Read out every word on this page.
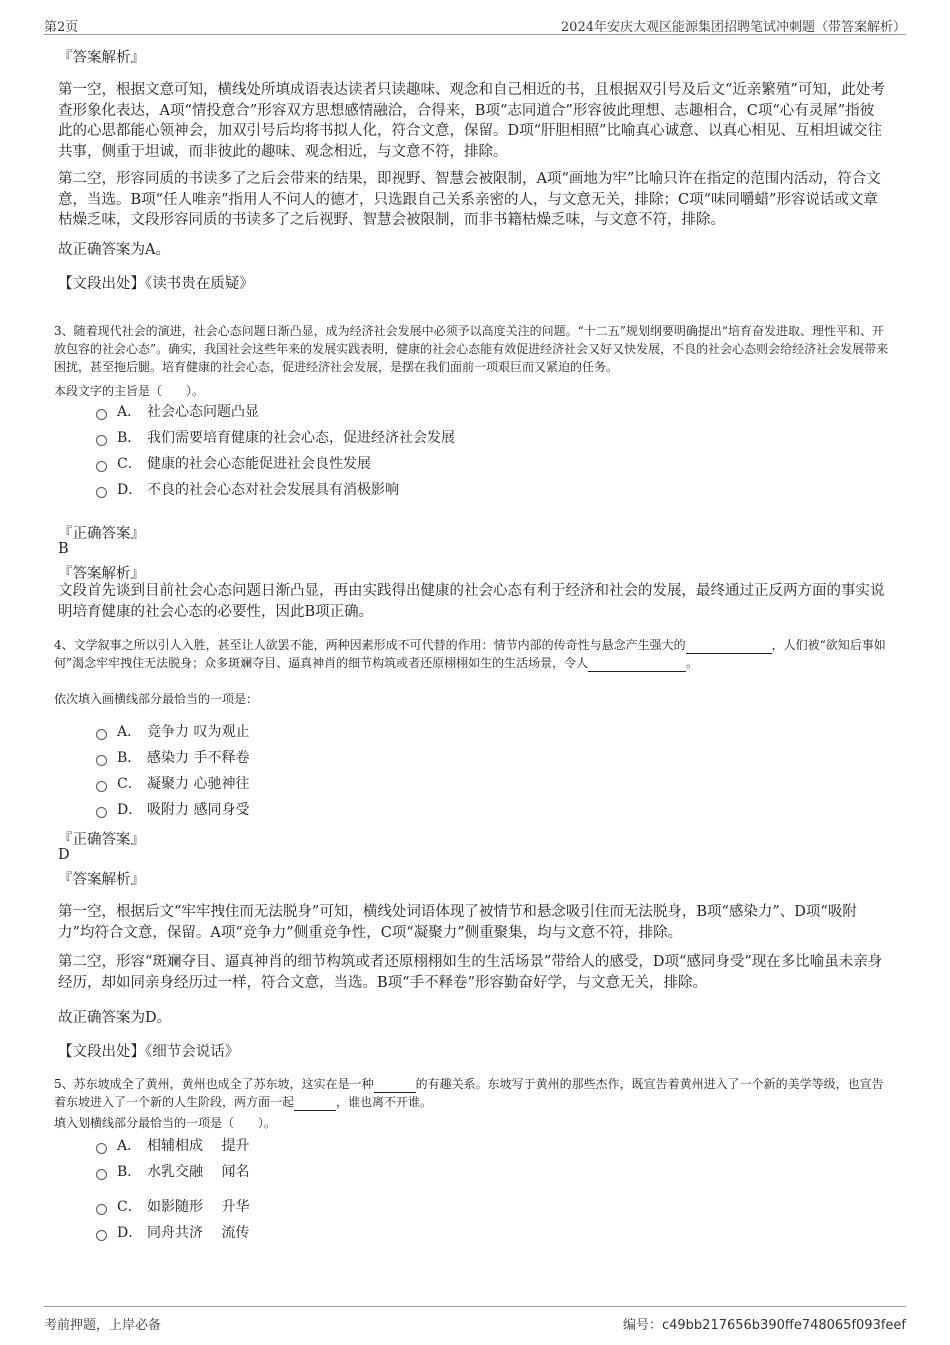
第2页	2024年安庆大观区能源集团招聘笔试冲刺题（带答案解析）
『答案解析』
第一空，根据文意可知，横线处所填成语表达读者只读趣味、观念和自己相近的书，且根据双引号及后文“近亲繁殖”可知，此处考查形象化表达，A项“情投意合”形容双方思想感情融洽，合得来，B项“志同道合”形容彼此理想、志趣相合，C项“心有灵犀”指彼此的心思都能心领神会，加双引号后均将书拟人化，符合文意，保留。D项“肝胆相照”比喻真心诚意、以真心相见、互相坦诚交往共事，侧重于坦诚，而非彼此的趣味、观念相近，与文意不符，排除。
第二空，形容同质的书读多了之后会带来的结果，即视野、智慧会被限制，A项“画地为牢”比喻只许在指定的范围内活动，符合文意，当选。B项“任人唯亲”指用人不问人的德才，只选跟自己关系亲密的人，与文意无关，排除；C项“味同嚼蜡”形容说话或文章枯燥乏味，文段形容同质的书读多了之后视野、智慧会被限制，而非书籍枯燥乏味，与文意不符，排除。
故正确答案为A。
【文段出处】《读书贵在质疑》
3、随着现代社会的演进，社会心态问题日渐凸显，成为经济社会发展中必须予以高度关注的问题。“十二五”规划纲要明确提出“培育奋发进取、理性平和、开放包容的社会心态”。确实，我国社会这些年来的发展实践表明，健康的社会心态能有效促进经济社会又好又快发展，不良的社会心态则会给经济社会发展带来困扰，甚至拖后腿。培育健康的社会心态，促进经济社会发展，是摆在我们面前一项艰巨而又紧迫的任务。
本段文字的主旨是（　　）。
A． 社会心态问题凸显
B． 我们需要培育健康的社会心态，促进经济社会发展
C． 健康的社会心态能促进社会良性发展
D． 不良的社会心态对社会发展具有消极影响
『正确答案』
B
『答案解析』
文段首先谈到目前社会心态问题日渐凸显，再由实践得出健康的社会心态有利于经济和社会的发展，最终通过正反两方面的事实说明培育健康的社会心态的必要性，因此B项正确。
4、文学叙事之所以引人入胜，甚至让人欲罢不能，两种因素形成不可代替的作用：情节内部的传奇性与悬念产生强大的	，人们被“欲知后事如何”渴念牢牢拽住无法脱身；众多斑斓夺目、逼真神肖的细节构筑或者还原栩栩如生的生活场景，令人	。
依次填入画横线部分最恰当的一项是：
A． 竞争力 叹为观止
B． 感染力 手不释卷
C． 凝聚力 心驰神往
D． 吸附力 感同身受
『正确答案』
D
『答案解析』
第一空，根据后文“牢牢拽住而无法脱身”可知，横线处词语体现了被情节和悬念吸引住而无法脱身，B项“感染力”、D项“吸附力”均符合文意，保留。A项“竞争力”侧重竞争性，C项“凝聚力”侧重聚集，均与文意不符，排除。
第二空，形容“斑斓夺目、逼真神肖的细节构筑或者还原栩栩如生的生活场景”带给人的感受，D项“感同身受”现在多比喻虽未亲身经历，却如同亲身经历过一样，符合文意，当选。B项“手不释卷”形容勤奋好学，与文意无关，排除。
故正确答案为D。
【文段出处】《细节会说话》
5、苏东坡成全了黄州，黄州也成全了苏东坡，这实在是一种	的有趣关系。东坡写于黄州的那些杰作，既宣告着黄州进入了一个新的美学等级，也宣告着东坡进入了一个新的人生阶段，两方面一起	，谁也离不开谁。
填入划横线部分最恰当的一项是（　　）。
A． 相辅相成　 提升
B． 水乳交融　 闻名
C． 如影随形　 升华
D． 同舟共济　 流传
考前押题，上岸必备	编号：c49bb217656b390ffe748065f093feef
